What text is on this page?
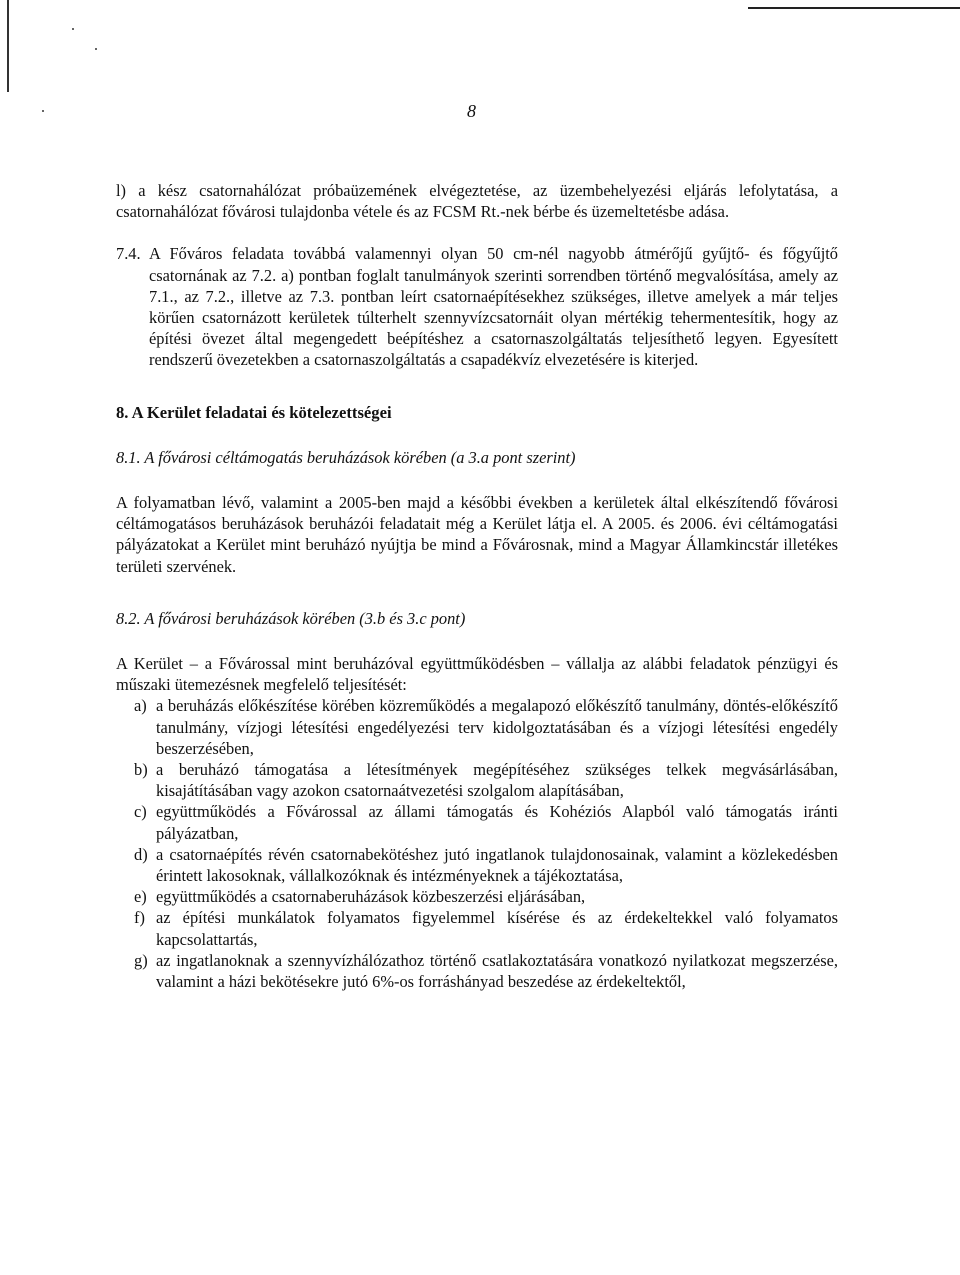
8

l) a kész csatornahálózat próbaüzemének elvégeztetése, az üzembehelyezési eljárás lefolytatása, a csatornahálózat fővárosi tulajdonba vétele és az FCSM Rt.-nek bérbe és üzemeltetésbe adása.

7.4. A Főváros feladata továbbá valamennyi olyan 50 cm-nél nagyobb átmérőjű gyűjtő- és főgyűjtő csatornának az 7.2. a) pontban foglalt tanulmányok szerinti sorrendben történő megvalósítása, amely az 7.1., az 7.2., illetve az 7.3. pontban leírt csatornaépítésekhez szükséges, illetve amelyek a már teljes körűen csatornázott kerületek túlterhelt szennyvízcsatornáit olyan mértékig tehermentesítik, hogy az építési övezet által megengedett beépítéshez a csatornaszolgáltatás teljesíthető legyen. Egyesített rendszerű övezetekben a csatornaszolgáltatás a csapadékvíz elvezetésére is kiterjed.

8. A Kerület feladatai és kötelezettségei

8.1. A fővárosi céltámogatás beruházások körében (a 3.a pont szerint)

A folyamatban lévő, valamint a 2005-ben majd a későbbi években a kerületek által elkészítendő fővárosi céltámogatásos beruházások beruházói feladatait még a Kerület látja el. A 2005. és 2006. évi céltámogatási pályázatokat a Kerület mint beruházó nyújtja be mind a Fővárosnak, mind a Magyar Államkincstár illetékes területi szervének.

8.2. A fővárosi beruházások körében (3.b és 3.c pont)

A Kerület – a Fővárossal mint beruházóval együttműködésben – vállalja az alábbi feladatok pénzügyi és műszaki ütemezésnek megfelelő teljesítését:

a) a beruházás előkészítése körében közreműködés a megalapozó előkészítő tanulmány, döntés-előkészítő tanulmány, vízjogi létesítési engedélyezési terv kidolgoztatásában és a vízjogi létesítési engedély beszerzésében,
b) a beruházó támogatása a létesítmények megépítéséhez szükséges telkek megvásárlásában, kisajátításában vagy azokon csatornaátvezetési szolgalom alapításában,
c) együttműködés a Fővárossal az állami támogatás és Kohéziós Alapból való támogatás iránti pályázatban,
d) a csatornaépítés révén csatornabekötéshez jutó ingatlanok tulajdonosainak, valamint a közlekedésben érintett lakosoknak, vállalkozóknak és intézményeknek a tájékoztatása,
e) együttműködés a csatornaberuházások közbeszerzési eljárásában,
f) az építési munkálatok folyamatos figyelemmel kísérése és az érdekeltekkel való folyamatos kapcsolattartás,
g) az ingatlanoknak a szennyvízhálózathoz történő csatlakoztatására vonatkozó nyilatkozat megszerzése, valamint a házi bekötésekre jutó 6%-os forráshányad beszedése az érdekeltektől,
